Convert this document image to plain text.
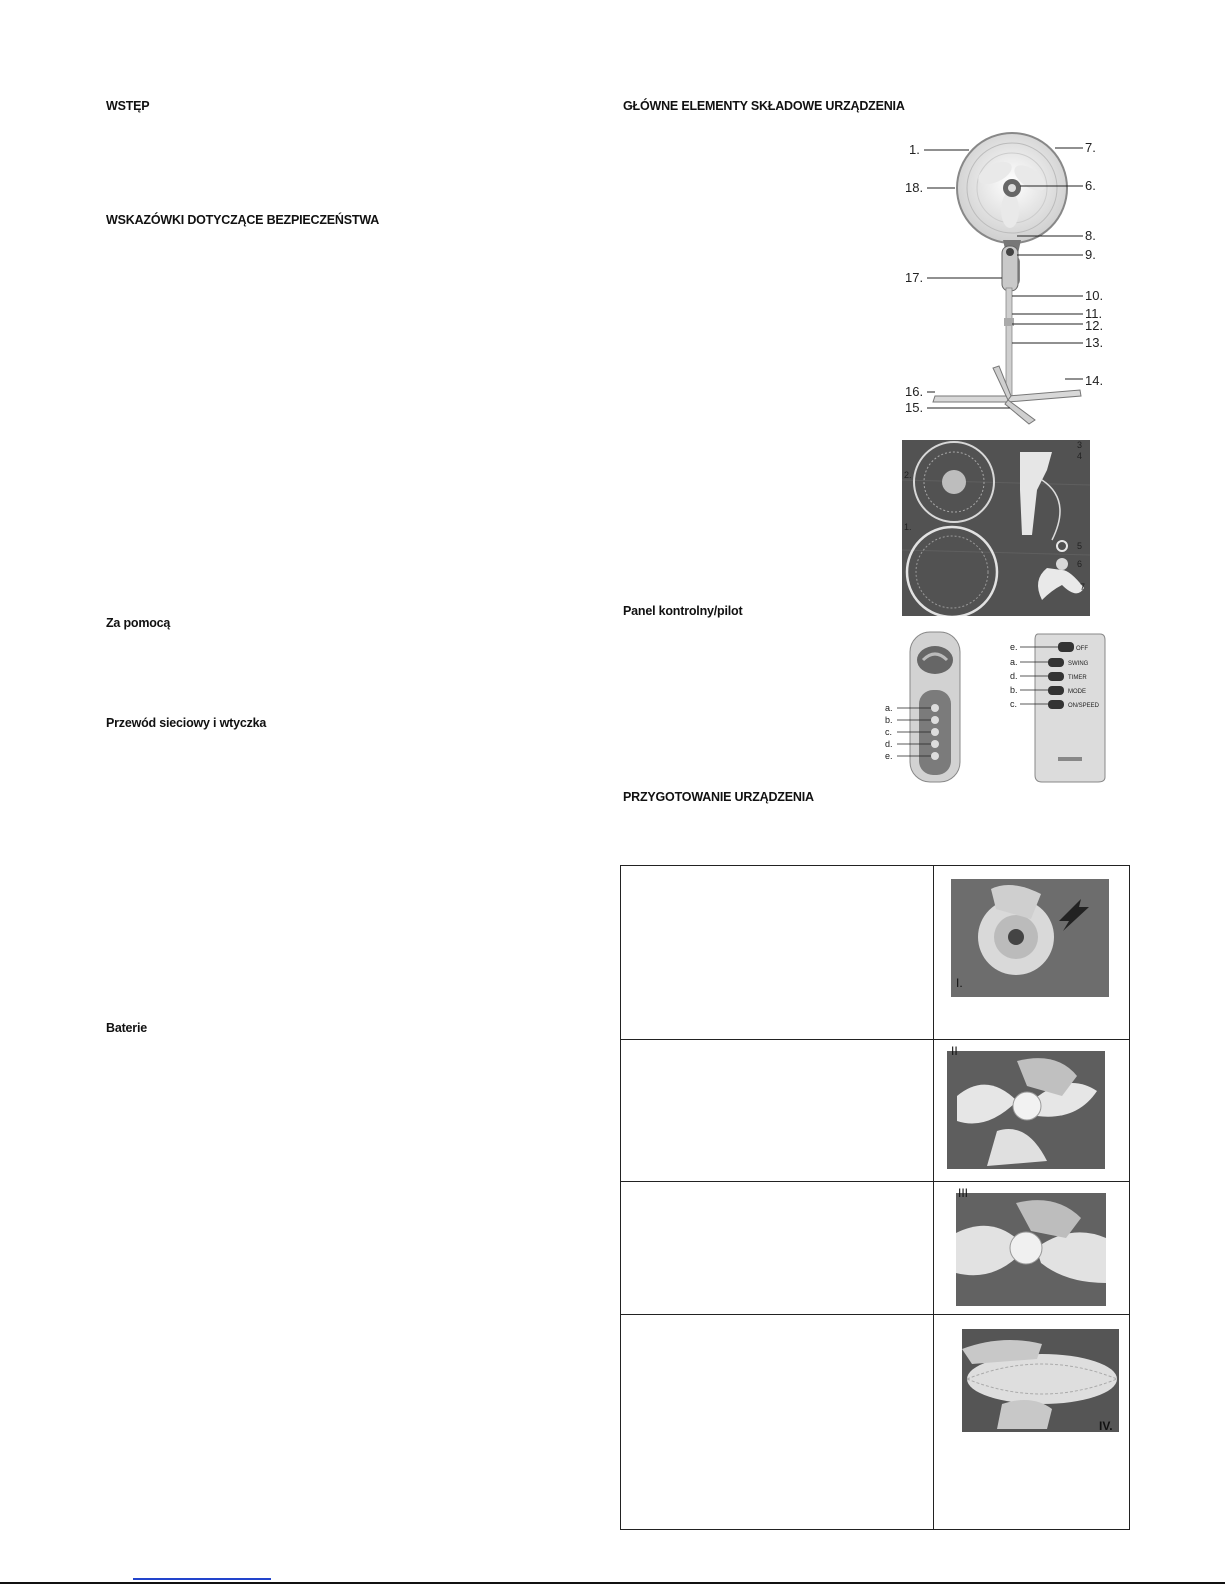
WSTĘP
WSKAZÓWKI DOTYCZĄCE BEZPIECZEŃSTWA
Za pomocą
Przewód sieciowy i wtyczka
Baterie
GŁÓWNE ELEMENTY SKŁADOWE URZĄDZENIA
Panel kontrolny/pilot
PRZYGOTOWANIE URZĄDZENIA
1.	7.
18.	6.
8.
9.
17.
10.
11.
12.
13.
16.
14.
15.
2.
3
4
1.
5
6
7
a.
b.
c.
d.
e.
OFF
SWING
TIMER
MODE
ON/SPEED
e.
a.
d.
b.
c.
I.
II
III
IV.
